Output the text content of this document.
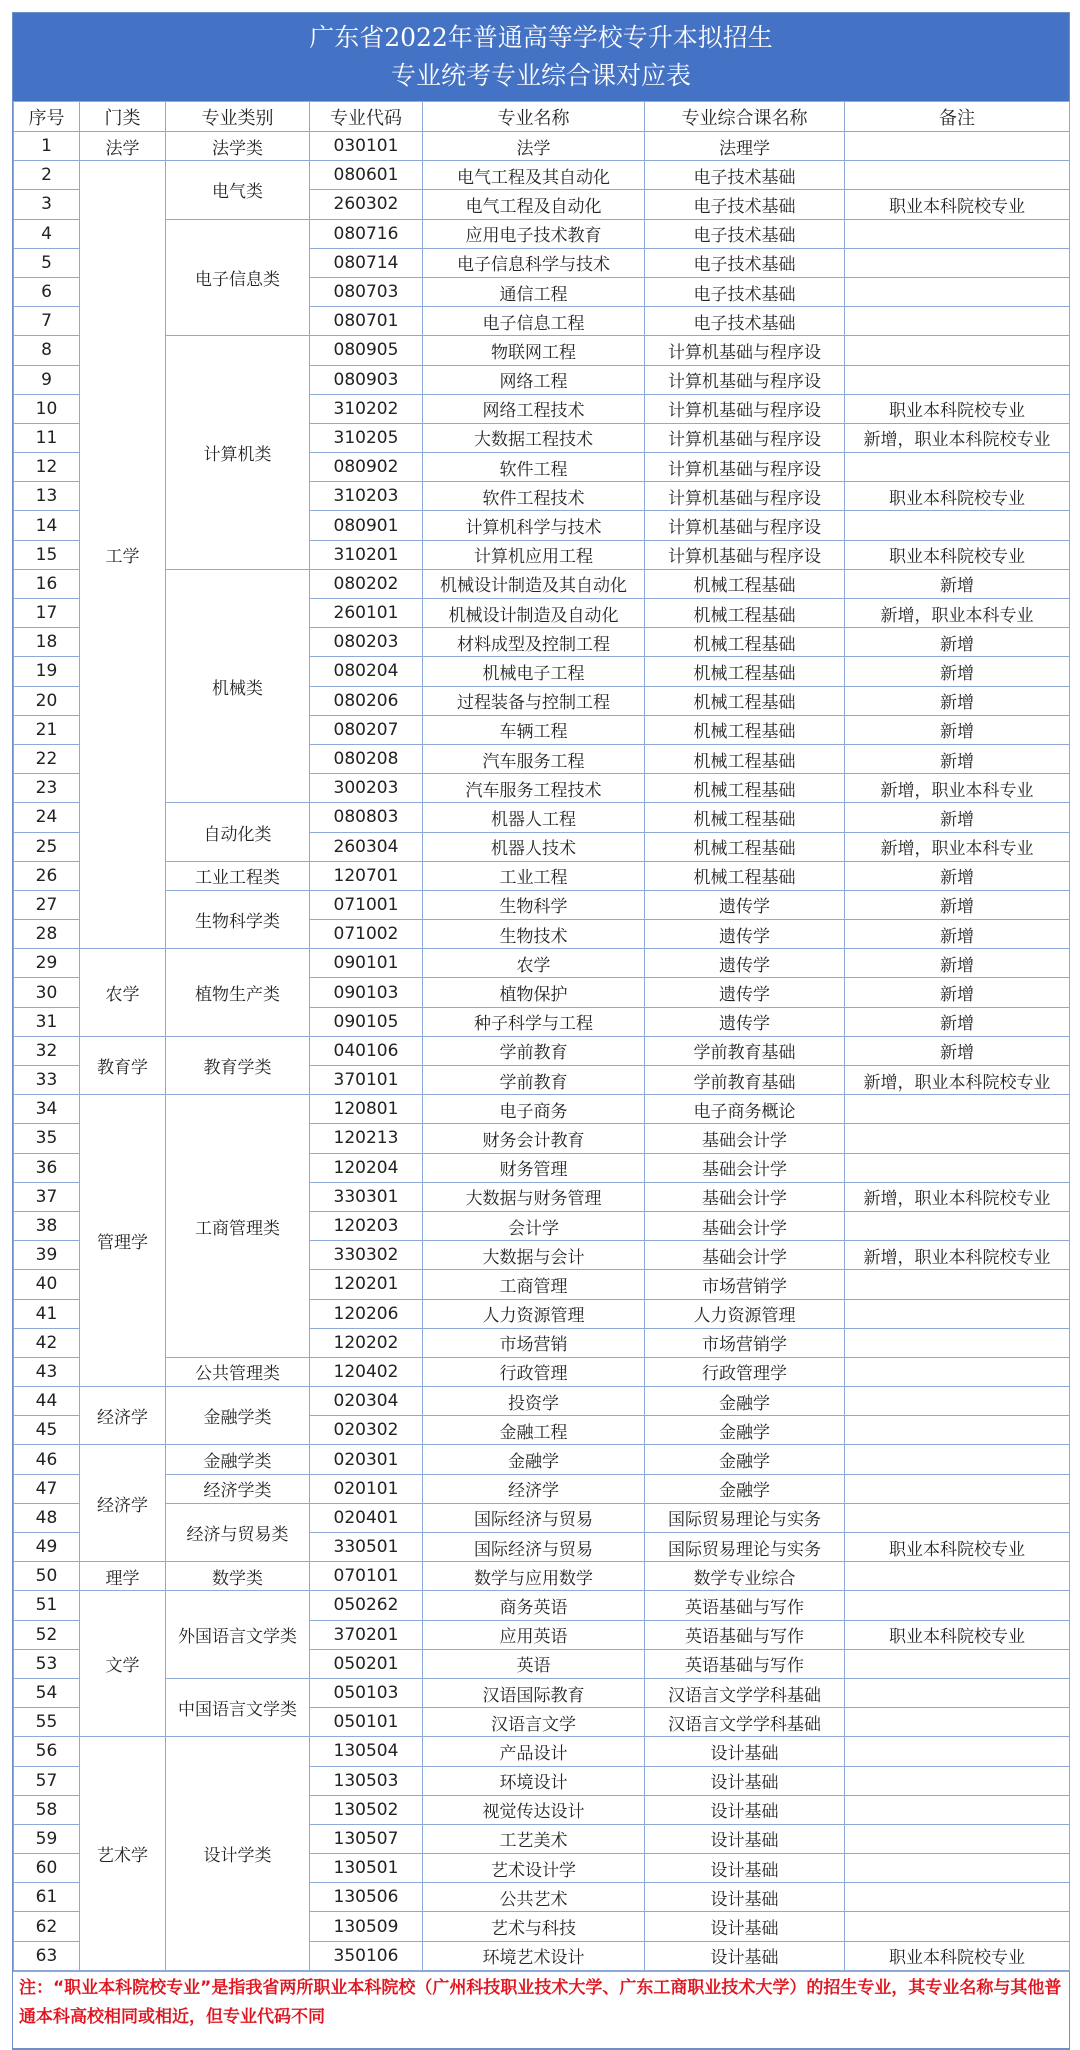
广东省2022年普通高等学校专升本拟招生
专业统考专业综合课对应表
序号	门类	专业类别	专业代码	专业名称	专业综合课名称	备注
1	法学	法学类	030101	法学	法理学	
2	工学	电气类	080601	电气工程及其自动化	电子技术基础	
3			260302	电气工程及自动化	电子技术基础	职业本科院校专业
4		电子信息类	080716	应用电子技术教育	电子技术基础	
5			080714	电子信息科学与技术	电子技术基础	
6			080703	通信工程	电子技术基础	
7			080701	电子信息工程	电子技术基础	
8		计算机类	080905	物联网工程	计算机基础与程序设	
9			080903	网络工程	计算机基础与程序设	
10			310202	网络工程技术	计算机基础与程序设	职业本科院校专业
11			310205	大数据工程技术	计算机基础与程序设	新增，职业本科院校专业
12			080902	软件工程	计算机基础与程序设	
13			310203	软件工程技术	计算机基础与程序设	职业本科院校专业
14			080901	计算机科学与技术	计算机基础与程序设	
15			310201	计算机应用工程	计算机基础与程序设	职业本科院校专业
16		机械类	080202	机械设计制造及其自动化	机械工程基础	新增
17			260101	机械设计制造及自动化	机械工程基础	新增，职业本科专业
18			080203	材料成型及控制工程	机械工程基础	新增
19			080204	机械电子工程	机械工程基础	新增
20			080206	过程装备与控制工程	机械工程基础	新增
21			080207	车辆工程	机械工程基础	新增
22			080208	汽车服务工程	机械工程基础	新增
23			300203	汽车服务工程技术	机械工程基础	新增，职业本科专业
24		自动化类	080803	机器人工程	机械工程基础	新增
25			260304	机器人技术	机械工程基础	新增，职业本科专业
26		工业工程类	120701	工业工程	机械工程基础	新增
27		生物科学类	071001	生物科学	遗传学	新增
28			071002	生物技术	遗传学	新增
29	农学	植物生产类	090101	农学	遗传学	新增
30			090103	植物保护	遗传学	新增
31			090105	种子科学与工程	遗传学	新增
32	教育学	教育学类	040106	学前教育	学前教育基础	新增
33			370101	学前教育	学前教育基础	新增，职业本科院校专业
34	管理学	工商管理类	120801	电子商务	电子商务概论	
35			120213	财务会计教育	基础会计学	
36			120204	财务管理	基础会计学	
37			330301	大数据与财务管理	基础会计学	新增，职业本科院校专业
38			120203	会计学	基础会计学	
39			330302	大数据与会计	基础会计学	新增，职业本科院校专业
40			120201	工商管理	市场营销学	
41			120206	人力资源管理	人力资源管理	
42			120202	市场营销	市场营销学	
43		公共管理类	120402	行政管理	行政管理学	
44	经济学	金融学类	020304	投资学	金融学	
45			020302	金融工程	金融学	
46	经济学	金融学类	020301	金融学	金融学	
47		经济学类	020101	经济学	金融学	
48		经济与贸易类	020401	国际经济与贸易	国际贸易理论与实务	
49			330501	国际经济与贸易	国际贸易理论与实务	职业本科院校专业
50	理学	数学类	070101	数学与应用数学	数学专业综合	
51	文学	外国语言文学类	050262	商务英语	英语基础与写作	
52			370201	应用英语	英语基础与写作	职业本科院校专业
53			050201	英语	英语基础与写作	
54		中国语言文学类	050103	汉语国际教育	汉语言文学学科基础	
55			050101	汉语言文学	汉语言文学学科基础	
56	艺术学	设计学类	130504	产品设计	设计基础	
57			130503	环境设计	设计基础	
58			130502	视觉传达设计	设计基础	
59			130507	工艺美术	设计基础	
60			130501	艺术设计学	设计基础	
61			130506	公共艺术	设计基础	
62			130509	艺术与科技	设计基础	
63			350106	环境艺术设计	设计基础	职业本科院校专业
注：“职业本科院校专业”是指我省两所职业本科院校（广州科技职业技术大学、广东工商职业技术大学）的招生专业，其专业名称与其他普通本科高校相同或相近，但专业代码不同
